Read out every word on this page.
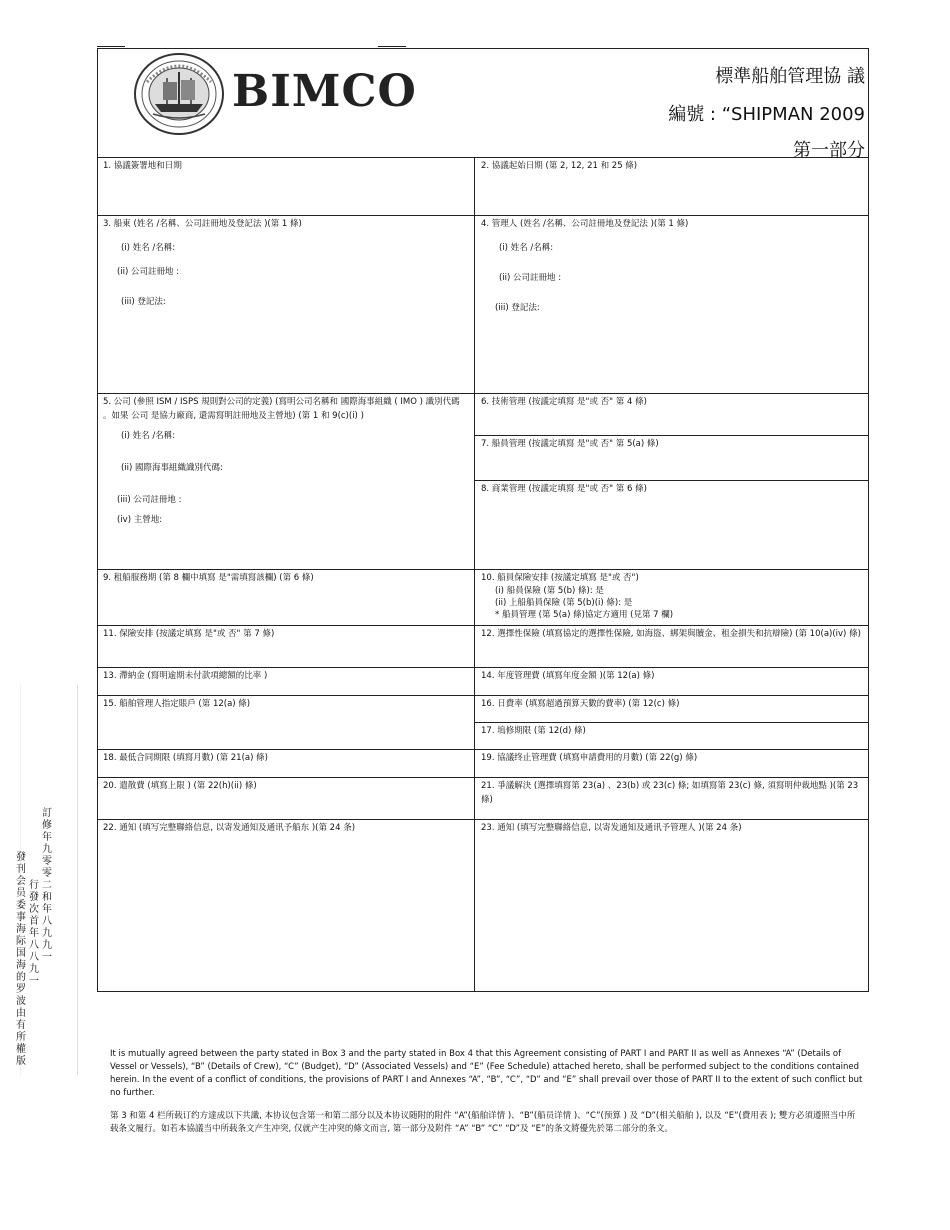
BIMCO	標準船舶管理協 議
編號 : “SHIPMAN 2009
第一部分
1. 協議簽署地和日期
3. 船東 (姓名 /名稱、公司註冊地及登記法 )(第 1 條)
(i) 姓名 /名稱:
(ii) 公司註冊地 :
(iii) 登記法:
5. 公司 (參照 ISM / ISPS 規則對公司的定義) (寫明公司名稱和 國際海事組織 ( IMO ) 識別代碼 。如果 公司 是協力廠商, 還需寫明註冊地及主營地) (第 1 和 9(c)(i) )
(i) 姓名 /名稱:
(ii) 國際海事組織識別代碼:
(iii) 公司註冊地 :
(iv) 主營地:
9. 租船服務期 (第 8 欄中填寫 是"需填寫該欄) (第 6 條)
11. 保險安排 (按議定填寫 是"或 否" 第 7 條)
13. 滯納金 (寫明逾期未付款項總額的比率 )
15. 船舶管理人指定賬戶 (第 12(a) 條)
18. 最低合同期限 (填寫月數) (第 21(a) 條)
20. 遣散費 (填寫上限 ) (第 22(h)(ii) 條)
22. 通知 (填写完整聯絡信息, 以寄发通知及通讯予船东 )(第 24 条)
2. 協議起始日期 (第 2, 12, 21 和 25 條)
4. 管理人 (姓名 /名稱、公司註冊地及登記法 )(第 1 條)
(i) 姓名 /名稱:
(ii) 公司註冊地 :
(iii) 登記法:
6. 技術管理 (按議定填寫 是"或 否" 第 4 條)
7. 船員管理 (按議定填寫 是"或 否" 第 5(a) 條)
8. 商業管理 (按議定填寫 是"或 否" 第 6 條)
10. 船員保險安排 (按議定填寫 是"或 否")
(i) 船員保險 (第 5(b) 條): 是
(ii) 上船船員保險 (第 5(b)(i) 條): 是
* 船員管理 (第 5(a) 條)協定方適用 (見第 7 欄)
12. 選擇性保險 (填寫協定的選擇性保險, 如海盜、綁架與贖金、租金損失和抗辯險) (第 10(a)(iv) 條)
14. 年度管理費 (填寫年度金額 )(第 12(a) 條)
16. 日費率 (填寫超過預算天數的費率) (第 12(c) 條)
17. 塢修期限 (第 12(d) 條)
19. 協議终止管理費 (填寫申請費用的月數) (第 22(g) 條)
21. 爭議解決 (選擇填寫第 23(a) 、23(b) 或 23(c) 條; 如填寫第 23(c) 條, 須寫明仲裁地點 )(第 23 條)
23. 通知 (填写完整聯絡信息, 以寄发通知及通讯予管理人 )(第 24 条)
訂修年九零零二和年八九九一
行發次首年八八九一
發刊会员委事海际国海的罗波由有所權版
It is mutually agreed between the party stated in Box 3 and the party stated in Box 4 that this Agreement consisting of PART I and PART II as well as Annexes “A” (Details of Vessel or Vessels), “B” (Details of Crew), “C” (Budget), “D” (Associated Vessels) and “E” (Fee Schedule) attached hereto, shall be performed subject to the conditions contained herein. In the event of a conflict of conditions, the provisions of PART I and Annexes “A”, “B”, “C”, “D” and “E” shall prevail over those of PART II to the extent of such conflict but no further.
第 3 和第 4 栏所载订约方達成以下共識, 本协议包含第一和第二部分以及本协议随附的附件 “A”(船舶详情 )、“B”(船员详情 )、“C”(预算 ) 及 “D”(相关船舶 ), 以及 “E”(費用表 ); 雙方必須遵照当中所载条文履行。如若本協議当中所载条文产生冲突, 仅就产生冲突的條文而言, 第一部分及附件 “A” “B” “C” “D”及 “E”的条文將優先於第二部分的条文。
